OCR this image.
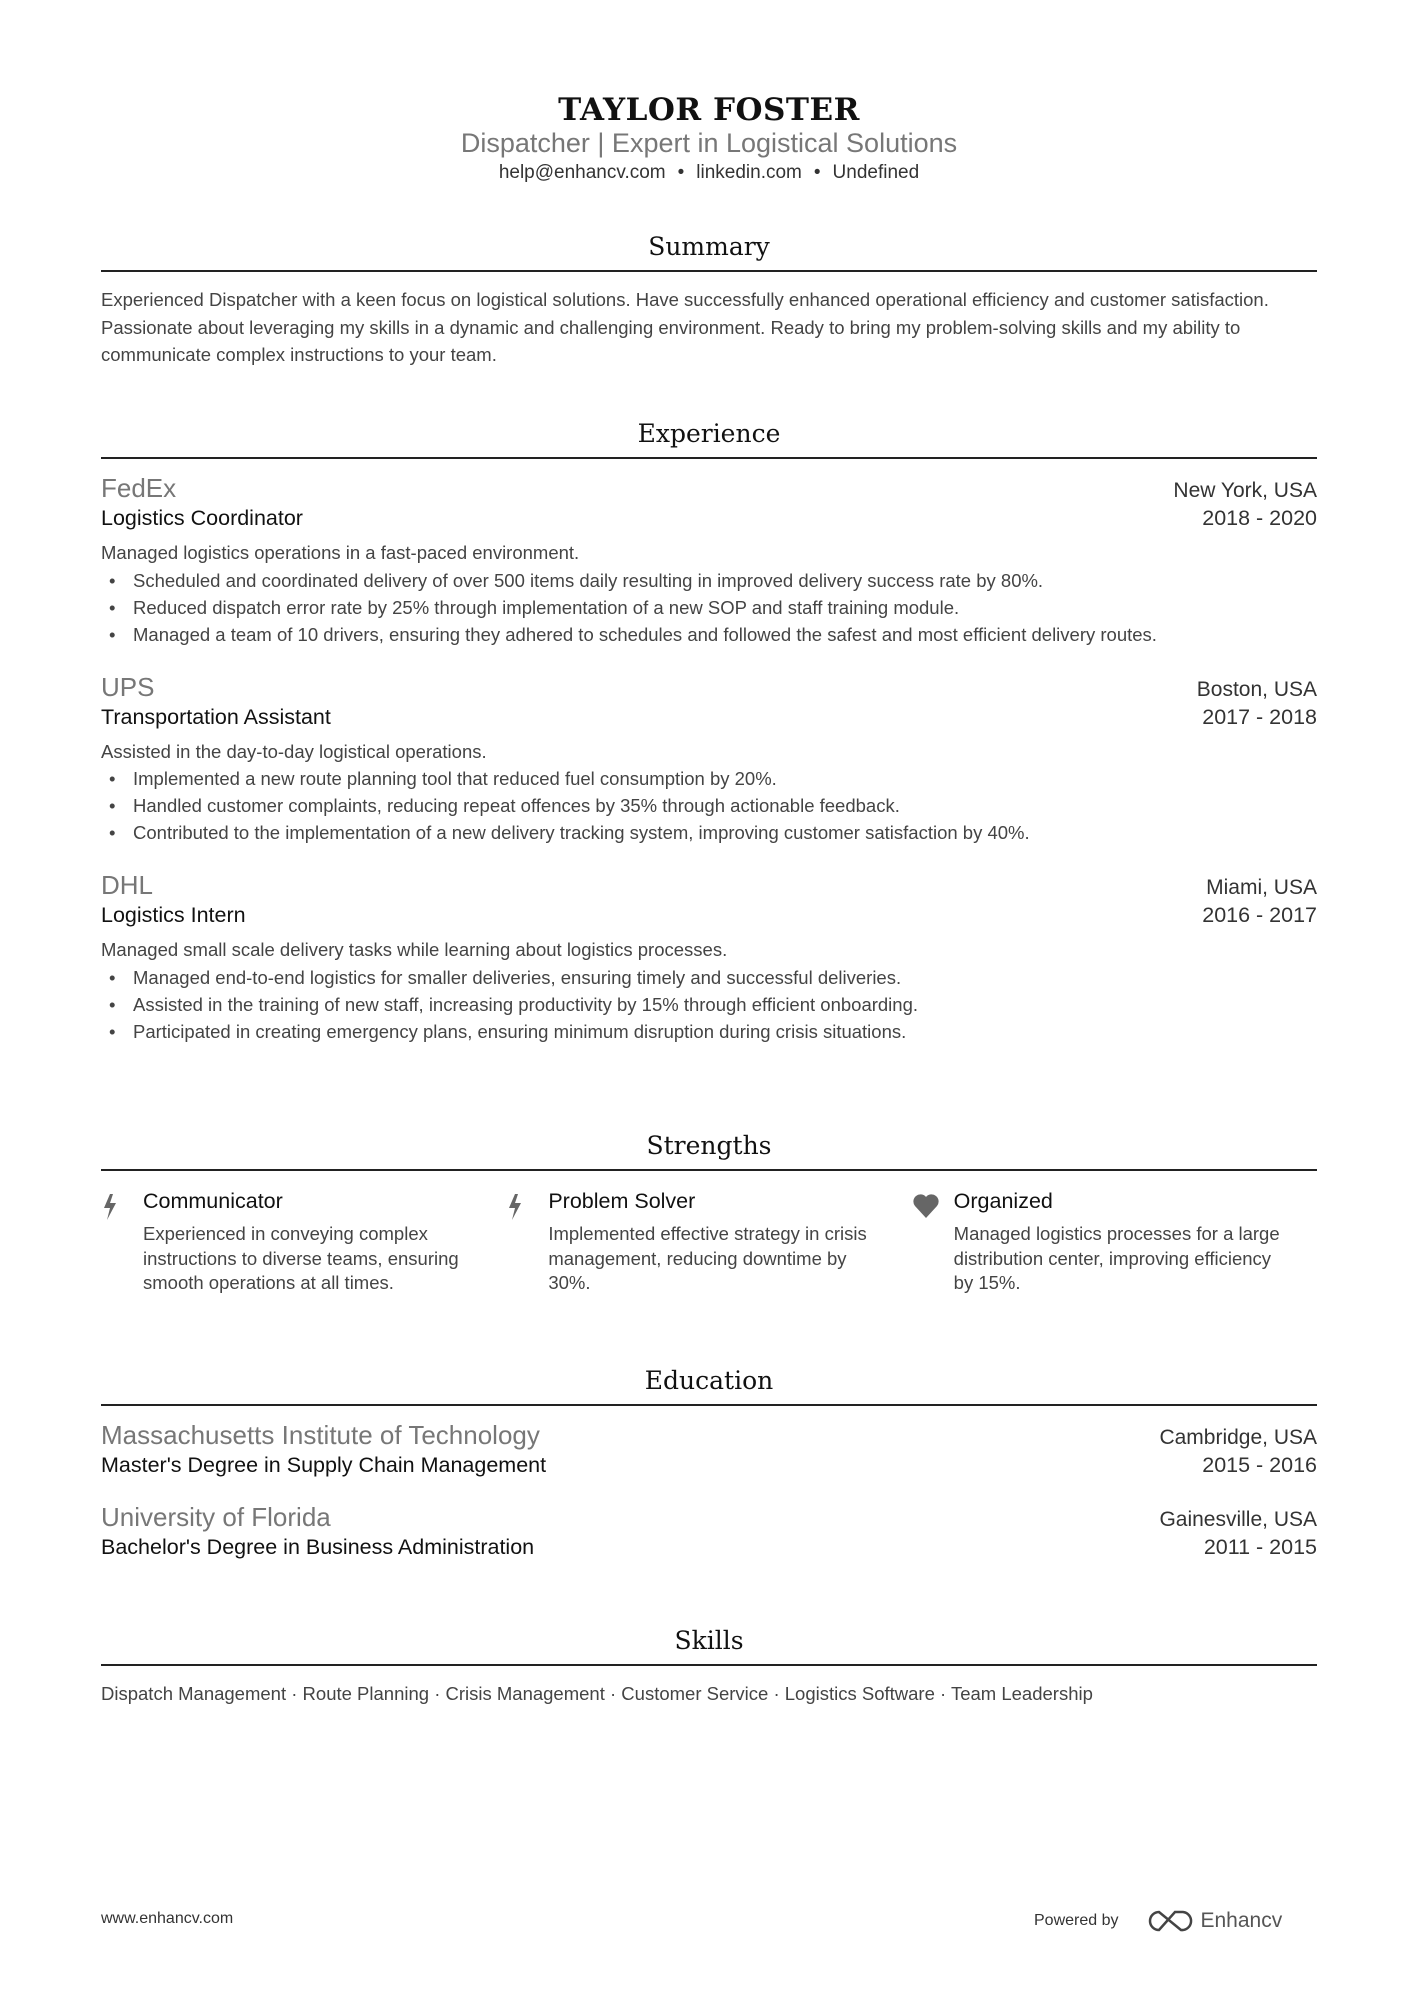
TAYLOR FOSTER
Dispatcher | Expert in Logistical Solutions
help@enhancv.com • linkedin.com • Undefined
Summary
Experienced Dispatcher with a keen focus on logistical solutions. Have successfully enhanced operational efficiency and customer satisfaction. Passionate about leveraging my skills in a dynamic and challenging environment. Ready to bring my problem-solving skills and my ability to communicate complex instructions to your team.
Experience
FedEx	New York, USA
Logistics Coordinator	2018 - 2020
Managed logistics operations in a fast-paced environment.
• Scheduled and coordinated delivery of over 500 items daily resulting in improved delivery success rate by 80%.
• Reduced dispatch error rate by 25% through implementation of a new SOP and staff training module.
• Managed a team of 10 drivers, ensuring they adhered to schedules and followed the safest and most efficient delivery routes.
UPS	Boston, USA
Transportation Assistant	2017 - 2018
Assisted in the day-to-day logistical operations.
• Implemented a new route planning tool that reduced fuel consumption by 20%.
• Handled customer complaints, reducing repeat offences by 35% through actionable feedback.
• Contributed to the implementation of a new delivery tracking system, improving customer satisfaction by 40%.
DHL	Miami, USA
Logistics Intern	2016 - 2017
Managed small scale delivery tasks while learning about logistics processes.
• Managed end-to-end logistics for smaller deliveries, ensuring timely and successful deliveries.
• Assisted in the training of new staff, increasing productivity by 15% through efficient onboarding.
• Participated in creating emergency plans, ensuring minimum disruption during crisis situations.
Strengths
Communicator
Experienced in conveying complex instructions to diverse teams, ensuring smooth operations at all times.
Problem Solver
Implemented effective strategy in crisis management, reducing downtime by 30%.
Organized
Managed logistics processes for a large distribution center, improving efficiency by 15%.
Education
Massachusetts Institute of Technology	Cambridge, USA
Master's Degree in Supply Chain Management	2015 - 2016
University of Florida	Gainesville, USA
Bachelor's Degree in Business Administration	2011 - 2015
Skills
Dispatch Management · Route Planning · Crisis Management · Customer Service · Logistics Software · Team Leadership
www.enhancv.com	Powered by	Enhancv
